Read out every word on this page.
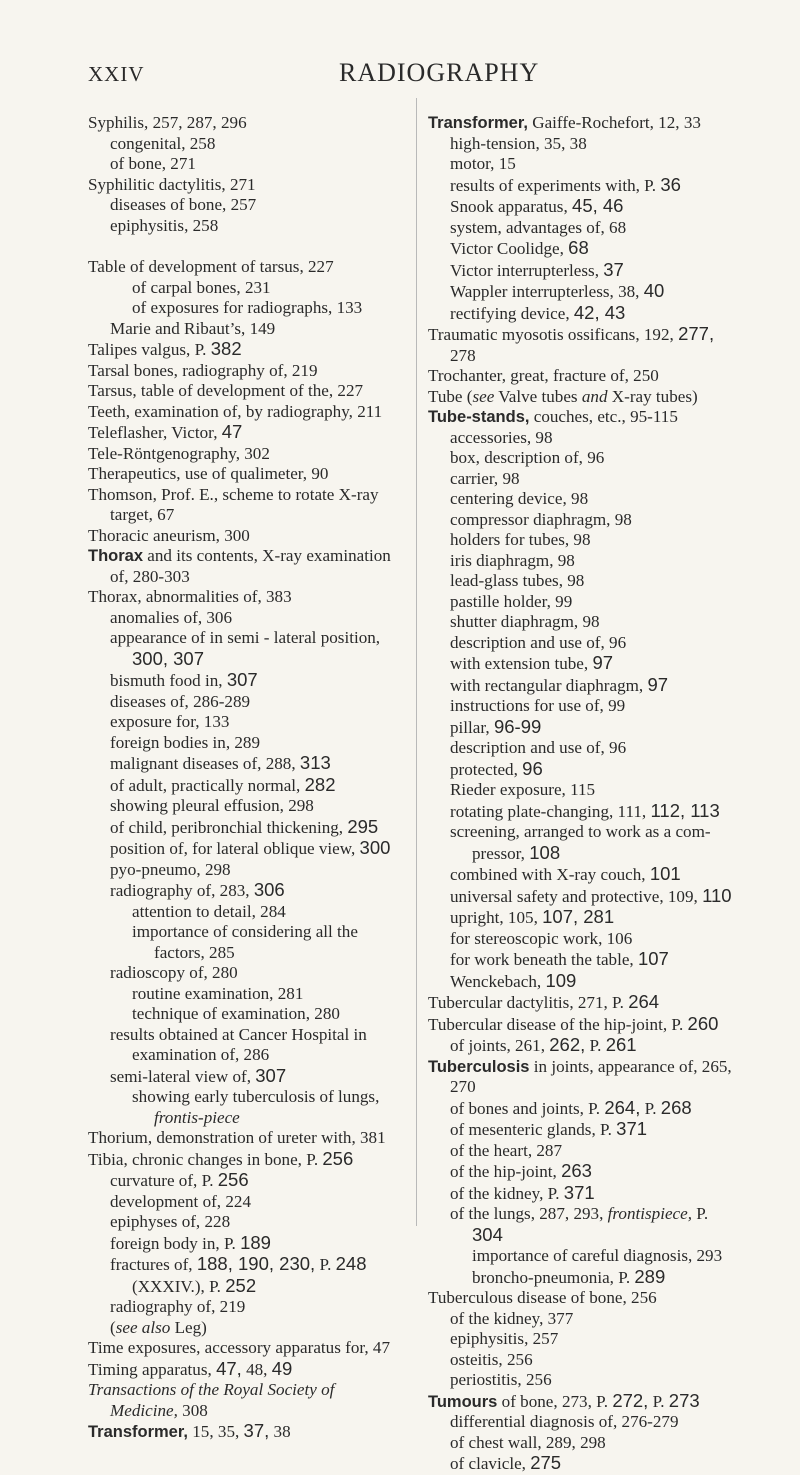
XXIV	RADIOGRAPHY
Syphilis, 257, 287, 296
congenital, 258
of bone, 271
Syphilitic dactylitis, 271
diseases of bone, 257
epiphysitis, 258
Table of development of tarsus, 227
of carpal bones, 231
of exposures for radiographs, 133
Marie and Ribaut’s, 149
Talipes valgus, P. 382
Tarsal bones, radiography of, 219
Tarsus, table of development of the, 227
Teeth, examination of, by radiography, 211
Teleflasher, Victor, 47
Tele-Röntgenography, 302
Therapeutics, use of qualimeter, 90
Thomson, Prof. E., scheme to rotate X-ray target, 67
Thoracic aneurism, 300
Thorax and its contents, X-ray examination of, 280-303
Thorax, abnormalities of, 383
anomalies of, 306
appearance of in semi - lateral position, 300, 307
bismuth food in, 307
diseases of, 286-289
exposure for, 133
foreign bodies in, 289
malignant diseases of, 288, 313
of adult, practically normal, 282
showing pleural effusion, 298
of child, peribronchial thickening, 295
position of, for lateral oblique view, 300
pyo-pneumo, 298
radiography of, 283, 306
attention to detail, 284
importance of considering all the factors, 285
radioscopy of, 280
routine examination, 281
technique of examination, 280
results obtained at Cancer Hospital in examination of, 286
semi-lateral view of, 307
showing early tuberculosis of lungs, frontis-piece
Thorium, demonstration of ureter with, 381
Tibia, chronic changes in bone, P. 256
curvature of, P. 256
development of, 224
epiphyses of, 228
foreign body in, P. 189
fractures of, 188, 190, 230, P. 248
(XXXIV.), P. 252
radiography of, 219
(see also Leg)
Time exposures, accessory apparatus for, 47
Timing apparatus, 47, 48, 49
Transactions of the Royal Society of Medicine, 308
Transformer, 15, 35, 37, 38
Transformer, Gaiffe-Rochefort, 12, 33
high-tension, 35, 38
motor, 15
results of experiments with, P. 36
Snook apparatus, 45, 46
system, advantages of, 68
Victor Coolidge, 68
Victor interrupterless, 37
Wappler interrupterless, 38, 40
rectifying device, 42, 43
Traumatic myosotis ossificans, 192, 277, 278
Trochanter, great, fracture of, 250
Tube (see Valve tubes and X-ray tubes)
Tube-stands, couches, etc., 95-115
accessories, 98
box, description of, 96
carrier, 98
centering device, 98
compressor diaphragm, 98
holders for tubes, 98
iris diaphragm, 98
lead-glass tubes, 98
pastille holder, 99
shutter diaphragm, 98
description and use of, 96
with extension tube, 97
with rectangular diaphragm, 97
instructions for use of, 99
pillar, 96-99
description and use of, 96
protected, 96
Rieder exposure, 115
rotating plate-changing, 111, 112, 113
screening, arranged to work as a com-pressor, 108
combined with X-ray couch, 101
universal safety and protective, 109, 110
upright, 105, 107, 281
for stereoscopic work, 106
for work beneath the table, 107
Wenckebach, 109
Tubercular dactylitis, 271, P. 264
Tubercular disease of the hip-joint, P. 260
of joints, 261, 262, P. 261
Tuberculosis in joints, appearance of, 265, 270
of bones and joints, P. 264, P. 268
of mesenteric glands, P. 371
of the heart, 287
of the hip-joint, 263
of the kidney, P. 371
of the lungs, 287, 293, frontispiece, P. 304
importance of careful diagnosis, 293
broncho-pneumonia, P. 289
Tuberculous disease of bone, 256
of the kidney, 377
epiphysitis, 257
osteitis, 256
periostitis, 256
Tumours of bone, 273, P. 272, P. 273
differential diagnosis of, 276-279
of chest wall, 289, 298
of clavicle, 275
